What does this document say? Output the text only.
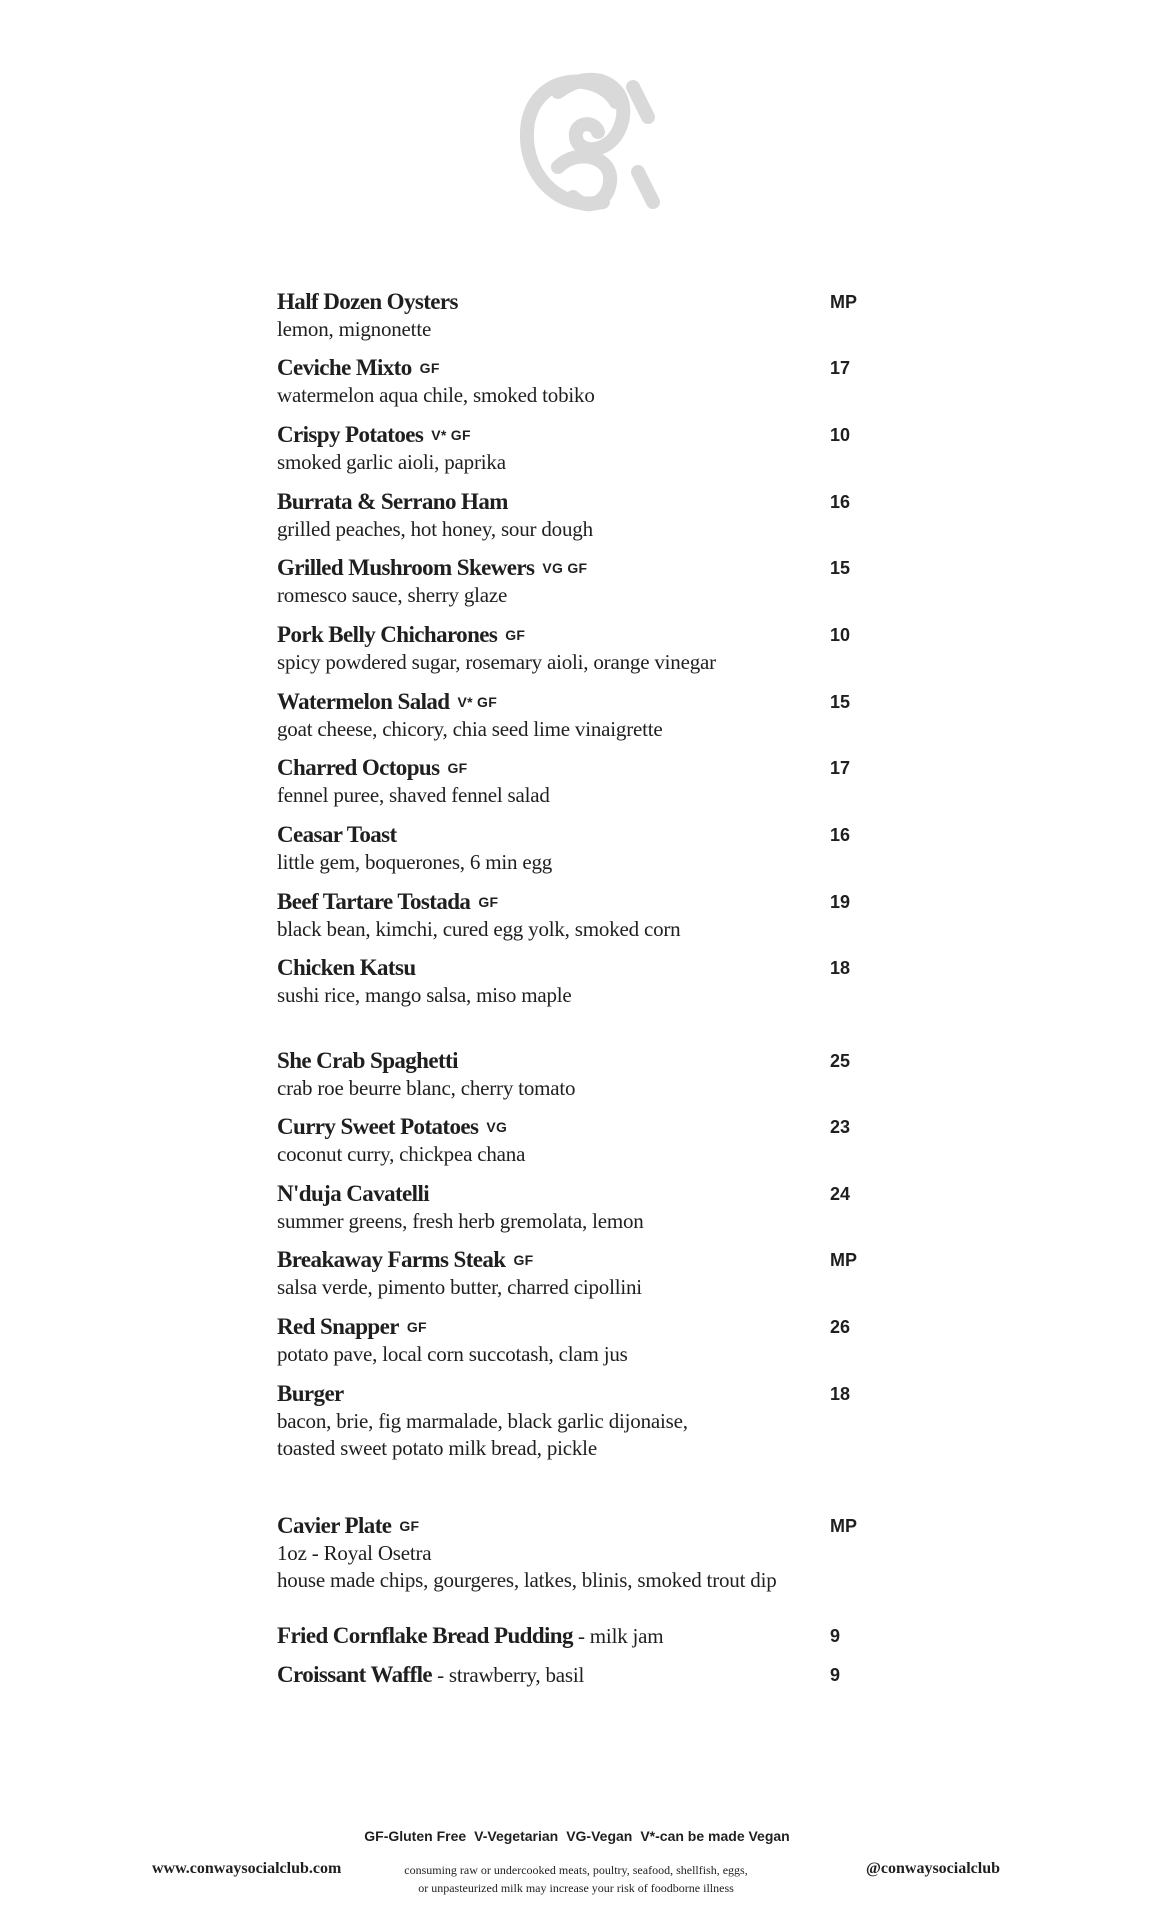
Half Dozen Oysters
lemon, mignonette
MP
Ceviche Mixto GF
watermelon aqua chile, smoked tobiko
17
Crispy Potatoes V* GF
smoked garlic aioli, paprika
10
Burrata & Serrano Ham
grilled peaches, hot honey, sour dough
16
Grilled Mushroom Skewers VG GF
romesco sauce, sherry glaze
15
Pork Belly Chicharones GF
spicy powdered sugar, rosemary aioli, orange vinegar
10
Watermelon Salad V* GF
goat cheese, chicory, chia seed lime vinaigrette
15
Charred Octopus GF
fennel puree, shaved fennel salad
17
Ceasar Toast
little gem, boquerones, 6 min egg
16
Beef Tartare Tostada GF
black bean, kimchi, cured egg yolk, smoked corn
19
Chicken Katsu
sushi rice, mango salsa, miso maple
18
She Crab Spaghetti
crab roe beurre blanc, cherry tomato
25
Curry Sweet Potatoes VG
coconut curry, chickpea chana
23
N'duja Cavatelli
summer greens, fresh herb gremolata, lemon
24
Breakaway Farms Steak GF
salsa verde, pimento butter, charred cipollini
MP
Red Snapper GF
potato pave, local corn succotash, clam jus
26
Burger
bacon, brie, fig marmalade, black garlic dijonaise,
toasted sweet potato milk bread, pickle
18
Cavier Plate GF
1oz - Royal Osetra
house made chips, gourgeres, latkes, blinis, smoked trout dip
MP
Fried Cornflake Bread Pudding - milk jam	9
Croissant Waffle - strawberry, basil	9
GF-Gluten Free V-Vegetarian VG-Vegan V*-can be made Vegan
www.conwaysocialclub.com	consuming raw or undercooked meats, poultry, seafood, shellfish, eggs,
or unpasteurized milk may increase your risk of foodborne illness
@conwaysocialclub
